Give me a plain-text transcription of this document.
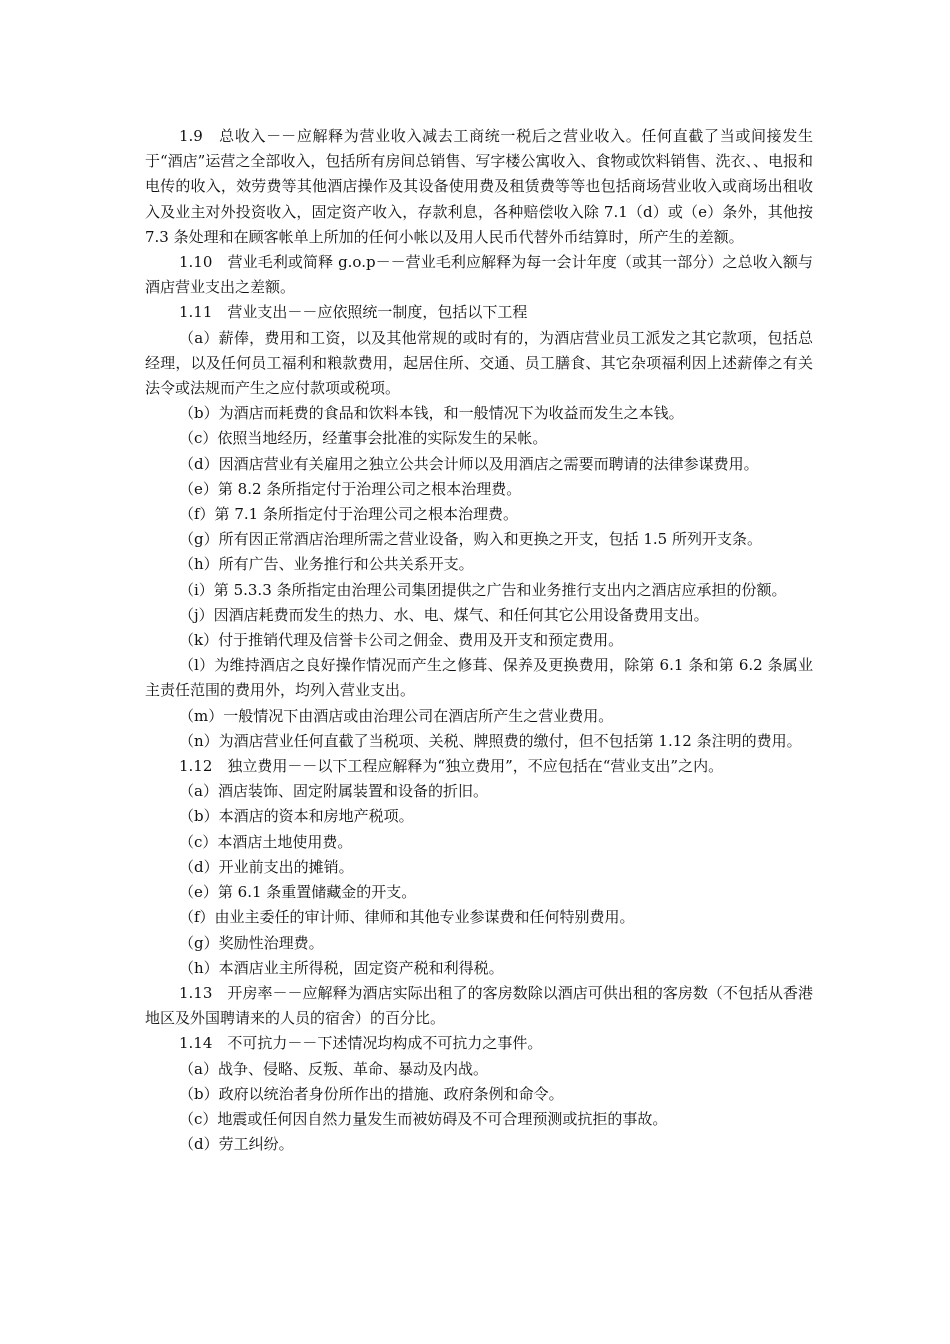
1.9　总收入－－应解释为营业收入减去工商统一税后之营业收入。任何直截了当或间接发生于“酒店”运营之全部收入，包括所有房间总销售、写字楼公寓收入、食物或饮料销售、洗衣、、电报和电传的收入，效劳费等其他酒店操作及其设备使用费及租赁费等等也包括商场营业收入或商场出租收入及业主对外投资收入，固定资产收入，存款利息，各种赔偿收入除 7.1（d）或（e）条外，其他按 7.3 条处理和在顾客帐单上所加的任何小帐以及用人民币代替外币结算时，所产生的差额。

1.10　营业毛利或简释 g.o.p－－营业毛利应解释为每一会计年度（或其一部分）之总收入额与酒店营业支出之差额。

1.11　营业支出－－应依照统一制度，包括以下工程

（a）薪俸，费用和工资，以及其他常规的或时有的，为酒店营业员工派发之其它款项，包括总经理，以及任何员工福利和粮款费用，起居住所、交通、员工膳食、其它杂项福利因上述薪俸之有关法令或法规而产生之应付款项或税项。

（b）为酒店而耗费的食品和饮料本钱，和一般情况下为收益而发生之本钱。

（c）依照当地经历，经董事会批准的实际发生的呆帐。

（d）因酒店营业有关雇用之独立公共会计师以及用酒店之需要而聘请的法律参谋费用。

（e）第 8.2 条所指定付于治理公司之根本治理费。

（f）第 7.1 条所指定付于治理公司之根本治理费。

（g）所有因正常酒店治理所需之营业设备，购入和更换之开支，包括 1.5 所列开支条。

（h）所有广告、业务推行和公共关系开支。

（i）第 5.3.3 条所指定由治理公司集团提供之广告和业务推行支出内之酒店应承担的份额。

（j）因酒店耗费而发生的热力、水、电、煤气、和任何其它公用设备费用支出。

（k）付于推销代理及信誉卡公司之佣金、费用及开支和预定费用。

（l）为维持酒店之良好操作情况而产生之修葺、保养及更换费用，除第 6.1 条和第 6.2 条属业主责任范围的费用外，均列入营业支出。

（m）一般情况下由酒店或由治理公司在酒店所产生之营业费用。

（n）为酒店营业任何直截了当税项、关税、牌照费的缴付，但不包括第 1.12 条注明的费用。

1.12　独立费用－－以下工程应解释为“独立费用”，不应包括在“营业支出”之内。

（a）酒店装饰、固定附属装置和设备的折旧。

（b）本酒店的资本和房地产税项。

（c）本酒店土地使用费。

（d）开业前支出的摊销。

（e）第 6.1 条重置储藏金的开支。

（f）由业主委任的审计师、律师和其他专业参谋费和任何特别费用。

（g）奖励性治理费。

（h）本酒店业主所得税，固定资产税和利得税。

1.13　开房率－－应解释为酒店实际出租了的客房数除以酒店可供出租的客房数（不包括从香港地区及外国聘请来的人员的宿舍）的百分比。

1.14　不可抗力－－下述情况均构成不可抗力之事件。

（a）战争、侵略、反叛、革命、暴动及内战。

（b）政府以统治者身份所作出的措施、政府条例和命令。

（c）地震或任何因自然力量发生而被妨碍及不可合理预测或抗拒的事故。

（d）劳工纠纷。
